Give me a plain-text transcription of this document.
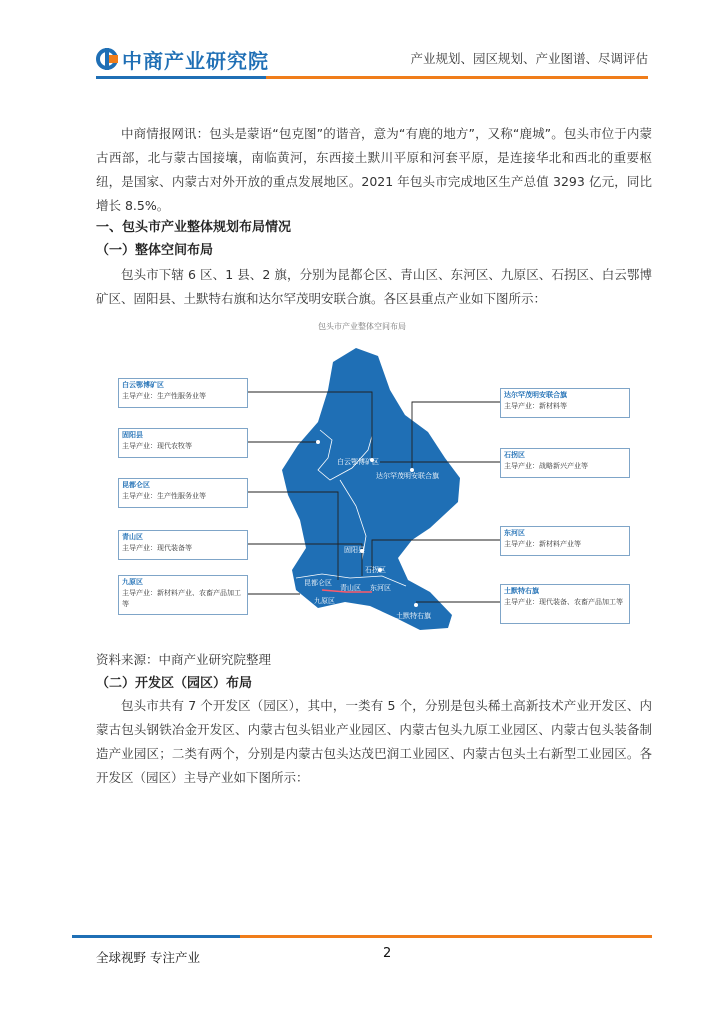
中商产业研究院	产业规划、园区规划、产业图谱、尽调评估
中商情报网讯：包头是蒙语“包克图”的谐音，意为“有鹿的地方”，又称“鹿城”。包头市位于内蒙古西部，北与蒙古国接壤，南临黄河，东西接土默川平原和河套平原，是连接华北和西北的重要枢纽，是国家、内蒙古对外开放的重点发展地区。2021 年包头市完成地区生产总值 3293 亿元，同比增长 8.5%。
一、包头市产业整体规划布局情况
（一）整体空间布局
包头市下辖 6 区、1 县、2 旗，分别为昆都仑区、青山区、东河区、九原区、石拐区、白云鄂博矿区、固阳县、土默特右旗和达尔罕茂明安联合旗。各区县重点产业如下图所示：
包头市产业整体空间布局
白云鄂博矿区
达尔罕茂明安联合旗
固阳县
石拐区
昆都仑区
青山区 东河区
九原区
土默特右旗
白云鄂博矿区
主导产业：生产性服务业等
固阳县
主导产业：现代农牧等
昆都仑区
主导产业：生产性服务业等
青山区
主导产业：现代装备等
九原区
主导产业：新材料产业、农畜产品加工等
达尔罕茂明安联合旗
主导产业：新材料等
石拐区
主导产业：战略新兴产业等
东河区
主导产业：新材料产业等
土默特右旗
主导产业：现代装备、农畜产品加工等
资料来源：中商产业研究院整理
（二）开发区（园区）布局
包头市共有 7 个开发区（园区），其中，一类有 5 个，分别是包头稀土高新技术产业开发区、内蒙古包头钢铁冶金开发区、内蒙古包头铝业产业园区、内蒙古包头九原工业园区、内蒙古包头装备制造产业园区；二类有两个，分别是内蒙古包头达茂巴润工业园区、内蒙古包头土右新型工业园区。各开发区（园区）主导产业如下图所示：
全球视野 专注产业	2
